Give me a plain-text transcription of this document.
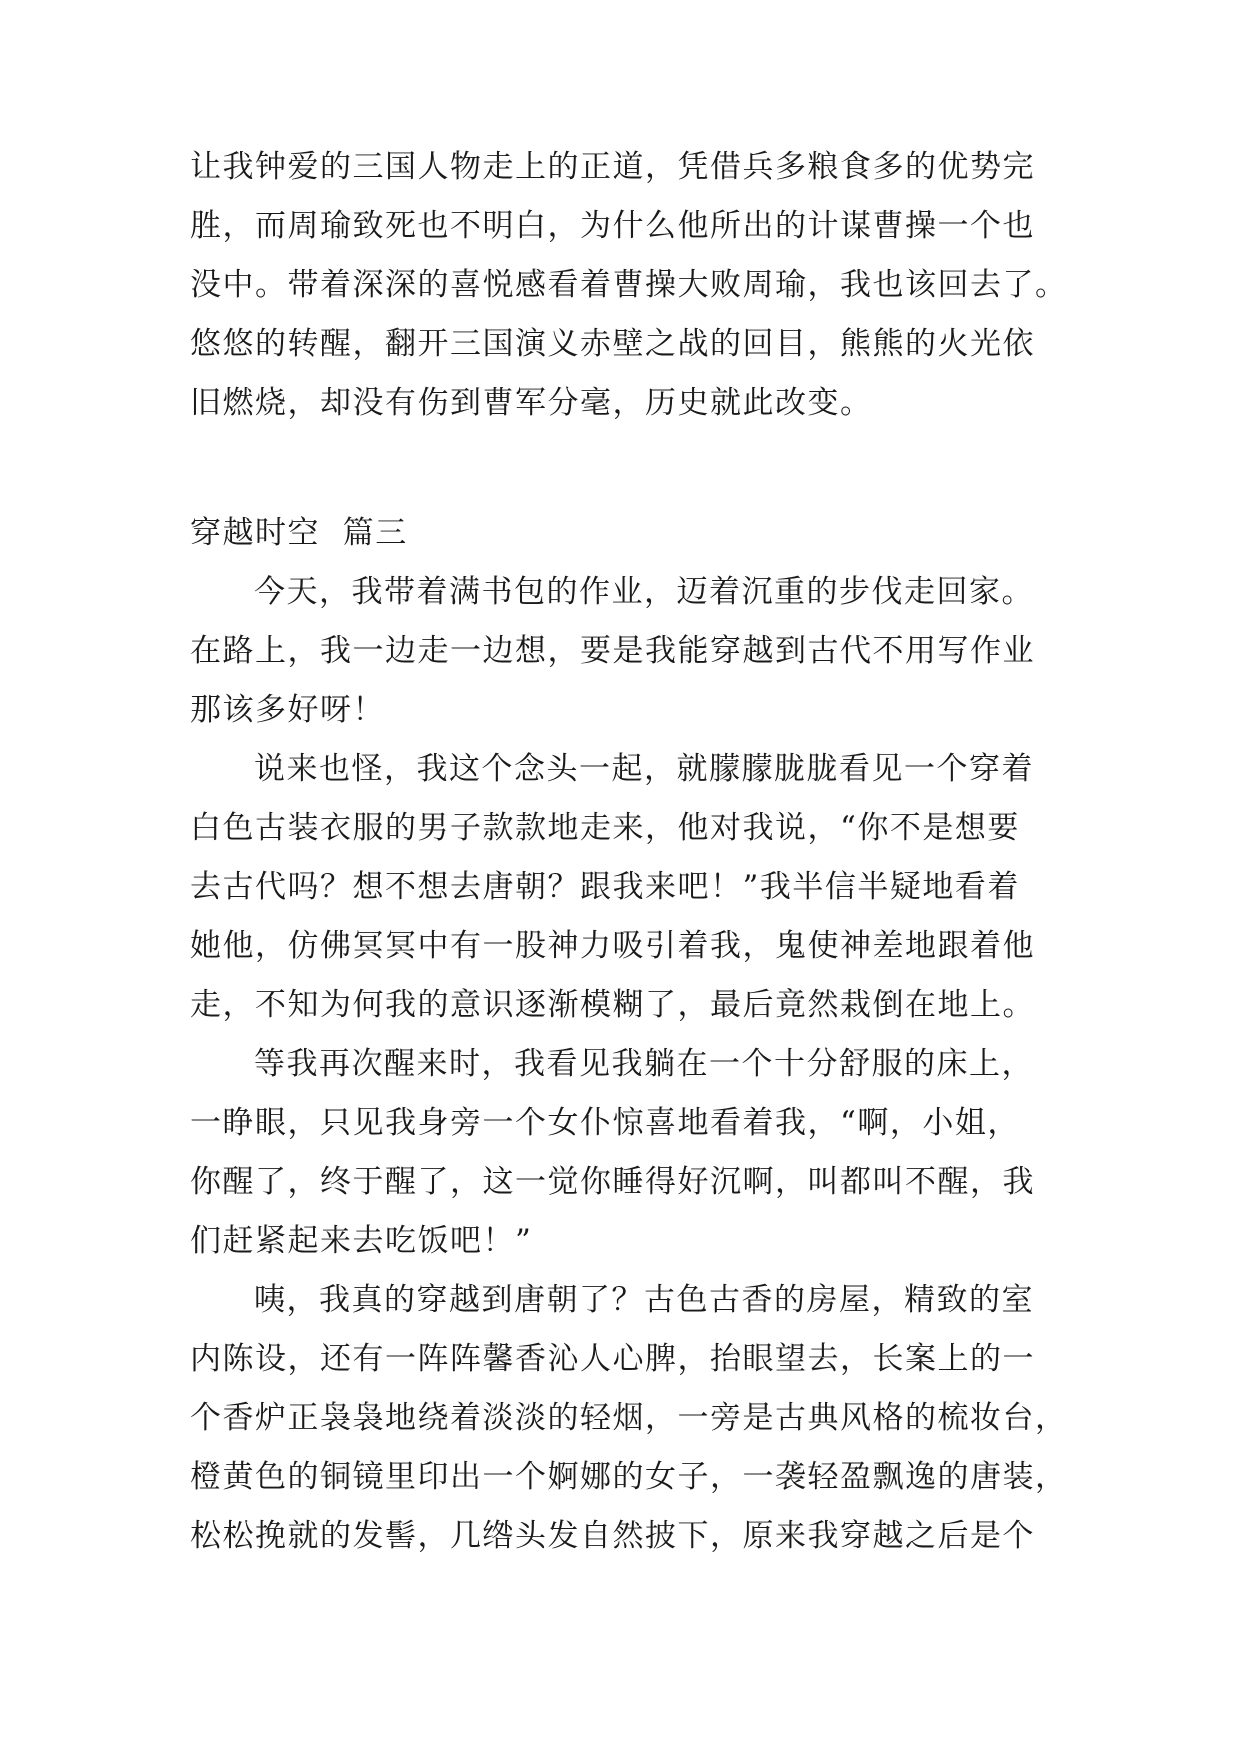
让我钟爱的三国人物走上的正道，凭借兵多粮食多的优势完

胜，而周瑜致死也不明白，为什么他所出的计谋曹操一个也

没中。带着深深的喜悦感看着曹操大败周瑜，我也该回去了。

悠悠的转醒，翻开三国演义赤壁之战的回目，熊熊的火光依

旧燃烧，却没有伤到曹军分毫，历史就此改变。

穿越时空  篇三

今天，我带着满书包的作业，迈着沉重的步伐走回家。

在路上，我一边走一边想，要是我能穿越到古代不用写作业

那该多好呀！

说来也怪，我这个念头一起，就朦朦胧胧看见一个穿着

白色古装衣服的男子款款地走来，他对我说，“你不是想要

去古代吗？想不想去唐朝？跟我来吧！”我半信半疑地看着

她他，仿佛冥冥中有一股神力吸引着我，鬼使神差地跟着他

走，不知为何我的意识逐渐模糊了，最后竟然栽倒在地上。

等我再次醒来时，我看见我躺在一个十分舒服的床上，

一睁眼，只见我身旁一个女仆惊喜地看着我，“啊，小姐，

你醒了，终于醒了，这一觉你睡得好沉啊，叫都叫不醒，我

们赶紧起来去吃饭吧！”

咦，我真的穿越到唐朝了？古色古香的房屋，精致的室

内陈设，还有一阵阵馨香沁人心脾，抬眼望去，长案上的一

个香炉正袅袅地绕着淡淡的轻烟，一旁是古典风格的梳妆台，

橙黄色的铜镜里印出一个婀娜的女子，一袭轻盈飘逸的唐装，

松松挽就的发髻，几绺头发自然披下，原来我穿越之后是个
